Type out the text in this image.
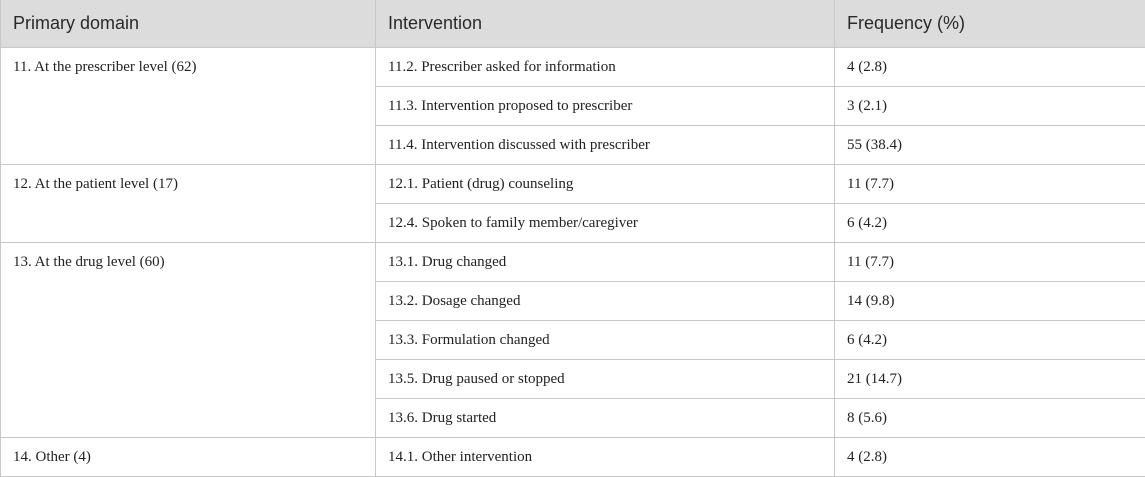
Primary domain	Intervention	Frequency (%)
11. At the prescriber level (62)	11.2. Prescriber asked for information	4 (2.8)
	11.3. Intervention proposed to prescriber	3 (2.1)
	11.4. Intervention discussed with prescriber	55 (38.4)
12. At the patient level (17)	12.1. Patient (drug) counseling	11 (7.7)
	12.4. Spoken to family member/caregiver	6 (4.2)
13. At the drug level (60)	13.1. Drug changed	11 (7.7)
	13.2. Dosage changed	14 (9.8)
	13.3. Formulation changed	6 (4.2)
	13.5. Drug paused or stopped	21 (14.7)
	13.6. Drug started	8 (5.6)
14. Other (4)	14.1. Other intervention	4 (2.8)
